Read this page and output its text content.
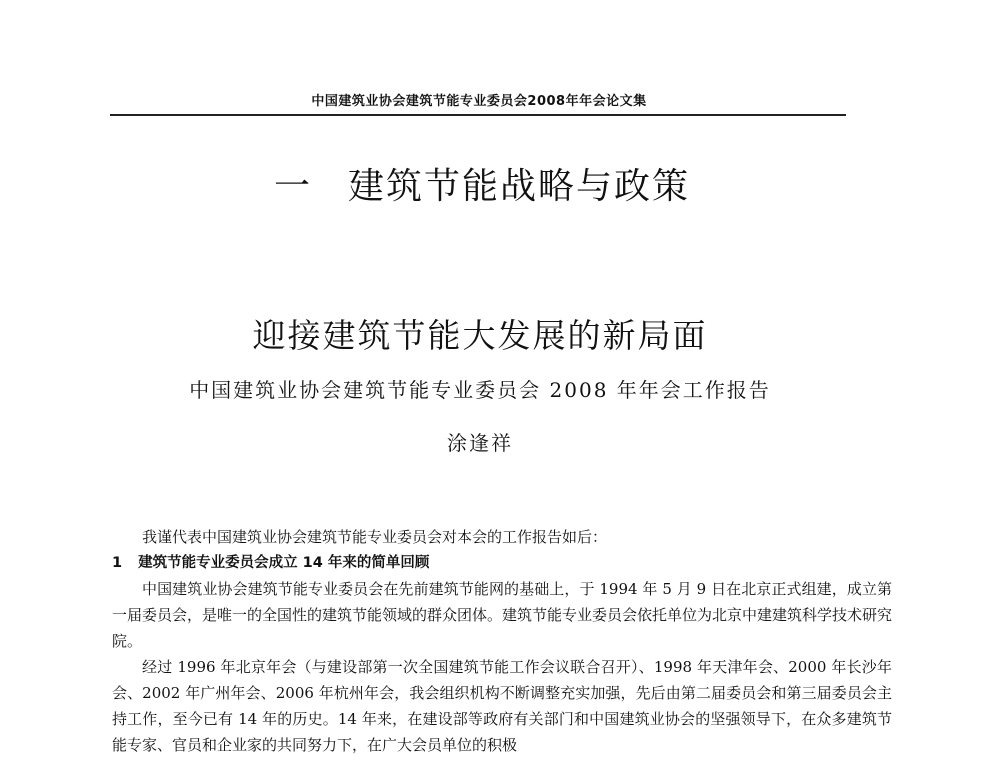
中国建筑业协会建筑节能专业委员会2008年年会论文集
一 建筑节能战略与政策
迎接建筑节能大发展的新局面
中国建筑业协会建筑节能专业委员会 2008 年年会工作报告
涂逢祥

我谨代表中国建筑业协会建筑节能专业委员会对本会的工作报告如后：

1 建筑节能专业委员会成立 14 年来的简单回顾

中国建筑业协会建筑节能专业委员会在先前建筑节能网的基础上，于 1994 年 5 月 9 日在北京正式组建，成立第一届委员会，是唯一的全国性的建筑节能领域的群众团体。建筑节能专业委员会依托单位为北京中建建筑科学技术研究院。

经过 1996 年北京年会（与建设部第一次全国建筑节能工作会议联合召开）、1998 年天津年会、2000 年长沙年会、2002 年广州年会、2006 年杭州年会，我会组织机构不断调整充实加强，先后由第二届委员会和第三届委员会主持工作，至今已有 14 年的历史。14 年来，在建设部等政府有关部门和中国建筑业协会的坚强领导下，在众多建筑节能专家、官员和企业家的共同努力下，在广大会员单位的积极
